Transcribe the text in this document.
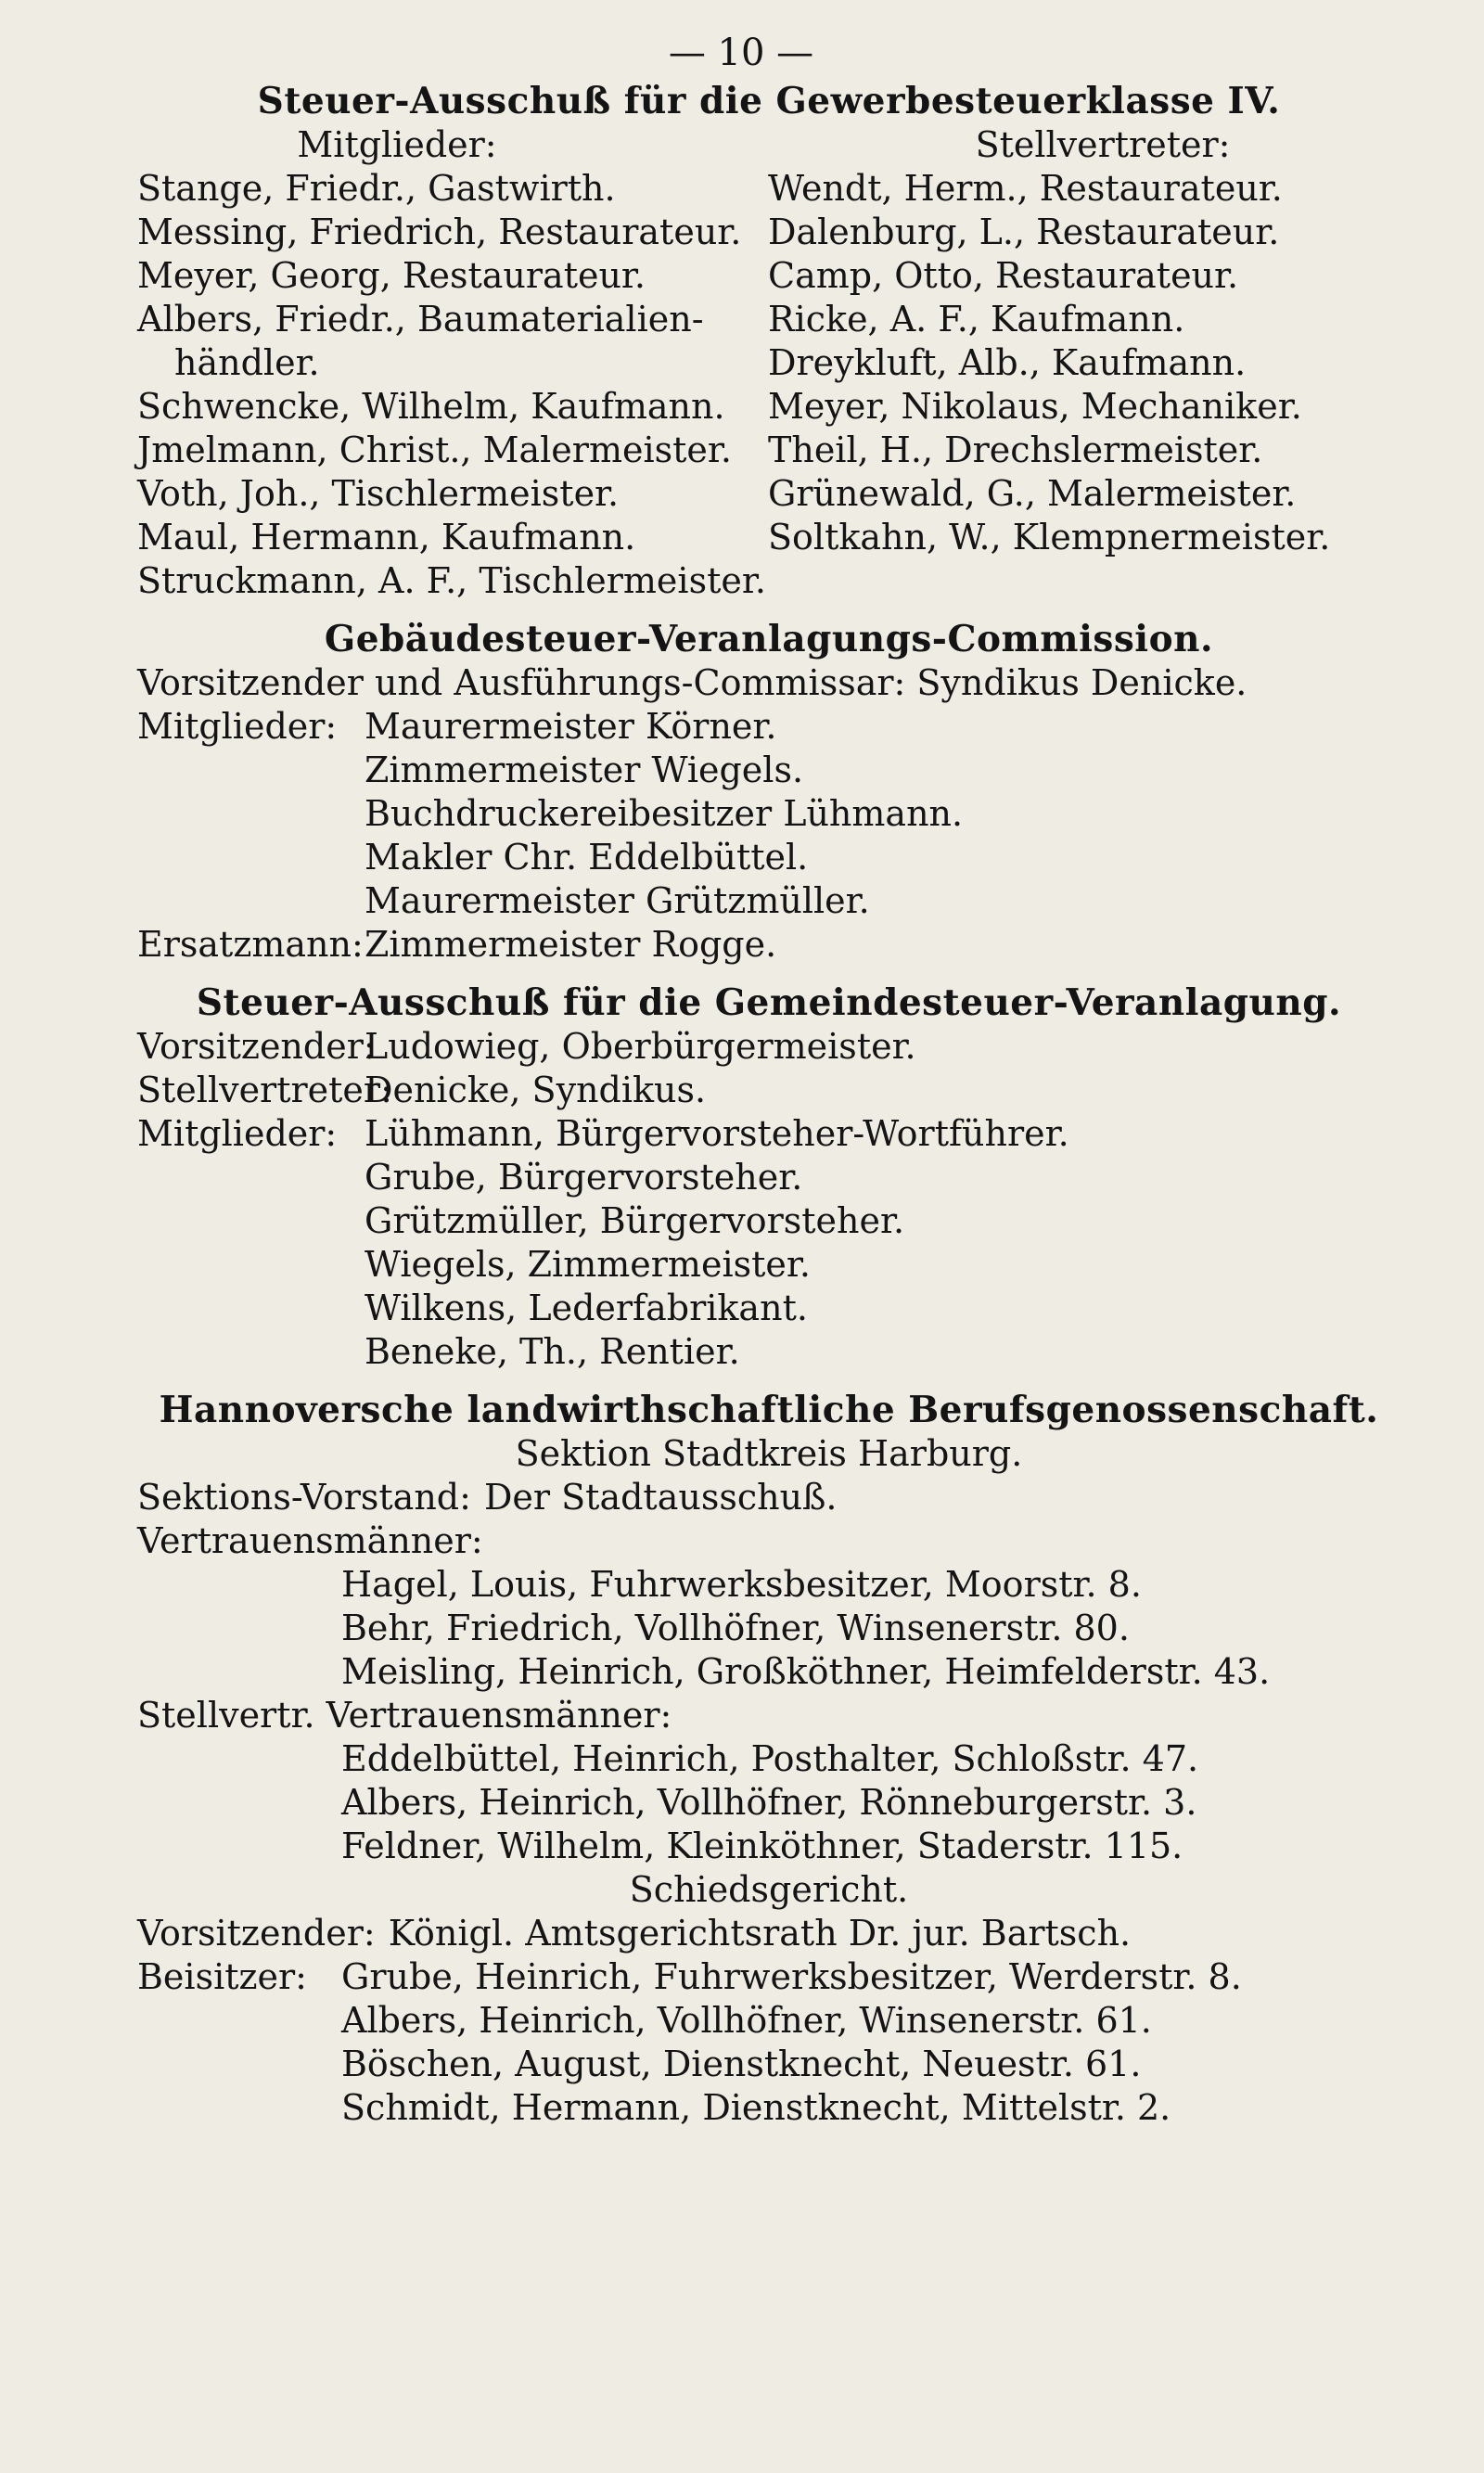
— 10 —
Steuer-Ausschuß für die Gewerbesteuerklasse IV.
Mitglieder:
Stange, Friedr., Gastwirth.
Messing, Friedrich, Restaurateur.
Meyer, Georg, Restaurateur.
Albers, Friedr., Baumaterialien-
händler.
Schwencke, Wilhelm, Kaufmann.
Jmelmann, Christ., Malermeister.
Voth, Joh., Tischlermeister.
Maul, Hermann, Kaufmann.
Struckmann, A. F., Tischlermeister.
Stellvertreter:
Wendt, Herm., Restaurateur.
Dalenburg, L., Restaurateur.
Camp, Otto, Restaurateur.
Ricke, A. F., Kaufmann.
Dreykluft, Alb., Kaufmann.
Meyer, Nikolaus, Mechaniker.
Theil, H., Drechslermeister.
Grünewald, G., Malermeister.
Soltkahn, W., Klempnermeister.
Gebäudesteuer-Veranlagungs-Commission.
Vorsitzender und Ausführungs-Commissar: Syndikus Denicke.
Mitglieder: Maurermeister Körner.
Zimmermeister Wiegels.
Buchdruckereibesitzer Lühmann.
Makler Chr. Eddelbüttel.
Maurermeister Grützmüller.
Ersatzmann: Zimmermeister Rogge.
Steuer-Ausschuß für die Gemeindesteuer-Veranlagung.
Vorsitzender:
Ludowieg, Oberbürgermeister.
Stellvertreter:
Denicke, Syndikus.
Mitglieder: Lühmann, Bürgervorsteher-Wortführer.
Grube, Bürgervorsteher.
Grützmüller, Bürgervorsteher.
Wiegels, Zimmermeister.
Wilkens, Lederfabrikant.
Beneke, Th., Rentier.
Hannoversche landwirthschaftliche Berufsgenossenschaft.
Sektion Stadtkreis Harburg.
Sektions-Vorstand: Der Stadtausschuß.
Vertrauensmänner:
Hagel, Louis, Fuhrwerksbesitzer, Moorstr. 8.
Behr, Friedrich, Vollhöfner, Winsenerstr. 80.
Meisling, Heinrich, Großköthner, Heimfelderstr. 43.
Stellvertr. Vertrauensmänner:
Eddelbüttel, Heinrich, Posthalter, Schloßstr. 47.
Albers, Heinrich, Vollhöfner, Rönneburgerstr. 3.
Feldner, Wilhelm, Kleinköthner, Staderstr. 115.
Schiedsgericht.
Vorsitzender: Königl. Amtsgerichtsrath Dr. jur. Bartsch.
Beisitzer: Grube, Heinrich, Fuhrwerksbesitzer, Werderstr. 8.
Albers, Heinrich, Vollhöfner, Winsenerstr. 61.
Böschen, August, Dienstknecht, Neuestr. 61.
Schmidt, Hermann, Dienstknecht, Mittelstr. 2.
